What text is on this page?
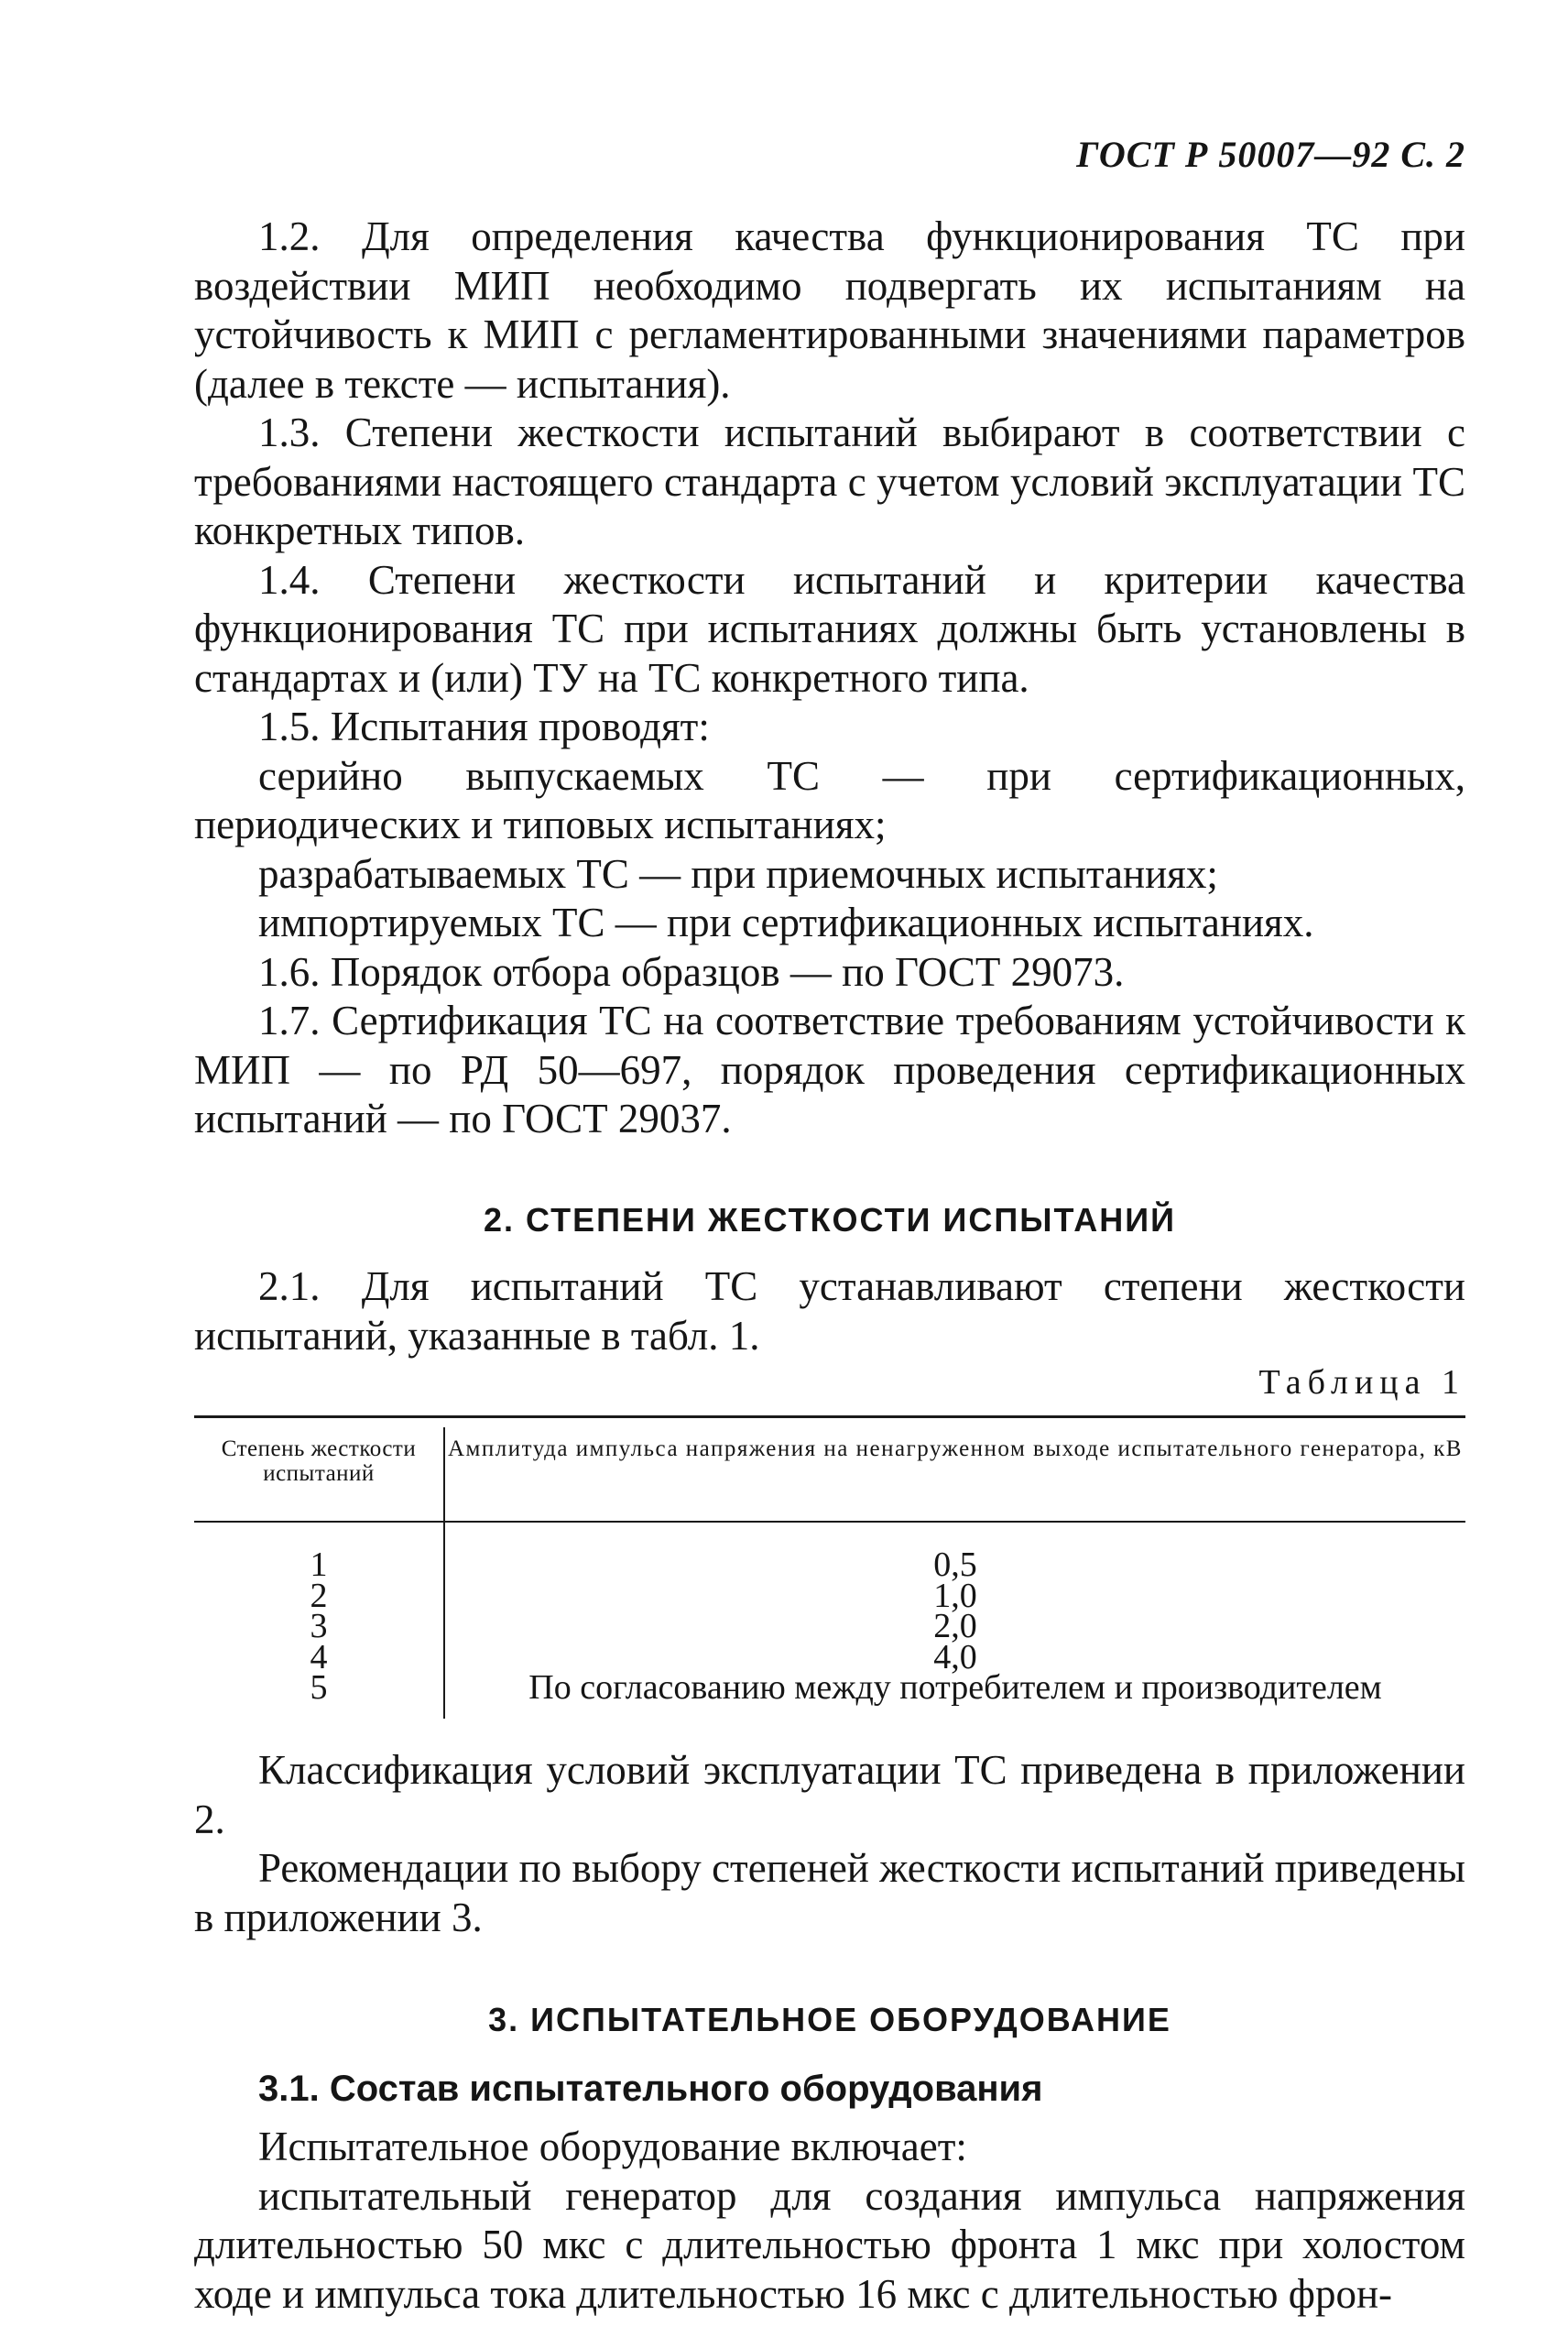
ГОСТ Р 50007—92 С. 2

1.2. Для определения качества функционирования ТС при воздействии МИП необходимо подвергать их испытаниям на устойчивость к МИП с регламентированными значениями параметров (далее в тексте — испытания).

1.3. Степени жесткости испытаний выбирают в соответствии с требованиями настоящего стандарта с учетом условий эксплуатации ТС конкретных типов.

1.4. Степени жесткости испытаний и критерии качества функционирования ТС при испытаниях должны быть установлены в стандартах и (или) ТУ на ТС конкретного типа.

1.5. Испытания проводят:

серийно выпускаемых ТС — при сертификационных, периодических и типовых испытаниях;

разрабатываемых ТС — при приемочных испытаниях;

импортируемых ТС — при сертификационных испытаниях.

1.6. Порядок отбора образцов — по ГОСТ 29073.

1.7. Сертификация ТС на соответствие требованиям устойчивости к МИП — по РД 50—697, порядок проведения сертификационных испытаний — по ГОСТ 29037.

2. СТЕПЕНИ ЖЕСТКОСТИ ИСПЫТАНИЙ

2.1. Для испытаний ТС устанавливают степени жесткости испытаний, указанные в табл. 1.

Таблица 1

Степень жесткости испытаний
Амплитуда импульса напряжения на ненагруженном выходе испытательного генератора, кВ
1	0,5
2	1,0
3	2,0
4	4,0
5	По согласованию между потребителем и производителем

Классификация условий эксплуатации ТС приведена в приложении 2.

Рекомендации по выбору степеней жесткости испытаний приведены в приложении 3.

3. ИСПЫТАТЕЛЬНОЕ ОБОРУДОВАНИЕ

3.1. Состав испытательного оборудования

Испытательное оборудование включает:

испытательный генератор для создания импульса напряжения длительностью 50 мкс с длительностью фронта 1 мкс при холостом ходе и импульса тока длительностью 16 мкс с длительностью фрон-
